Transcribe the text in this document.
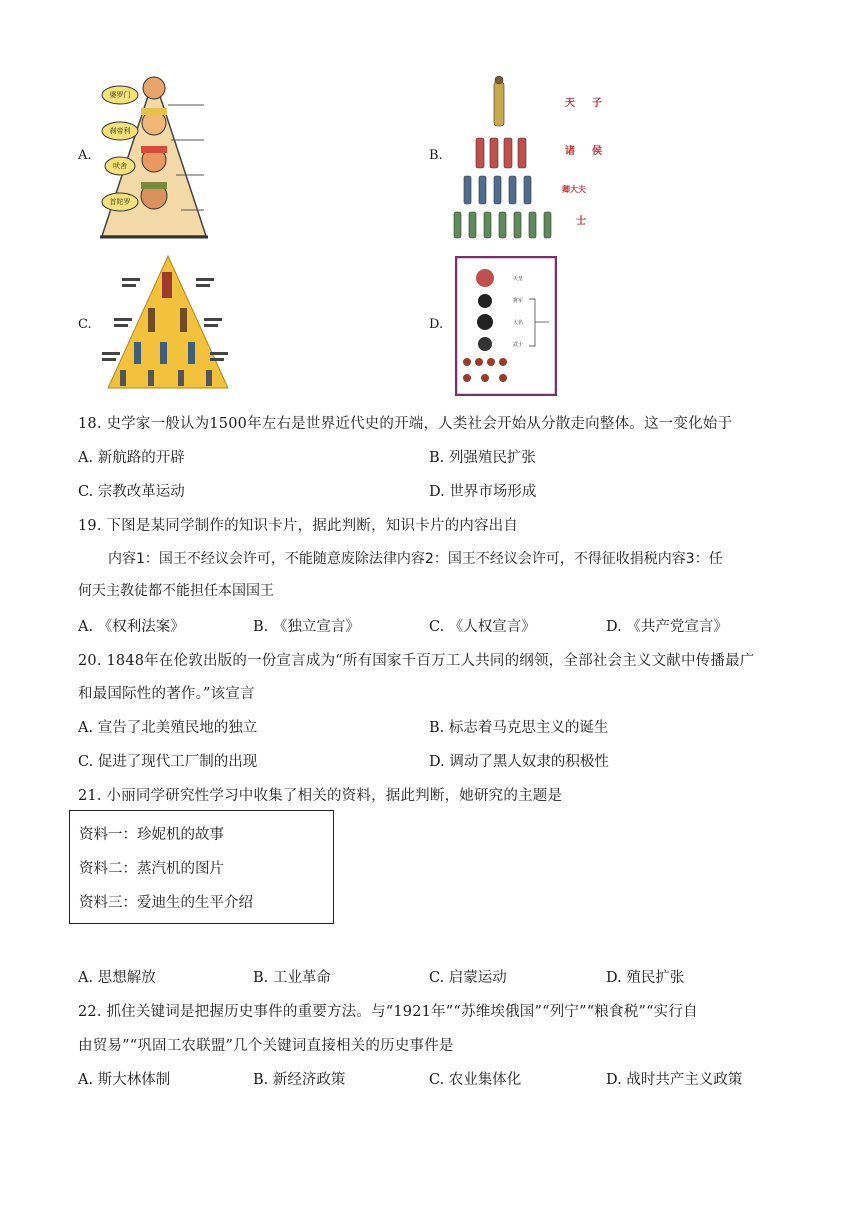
A.	B.
C.	D.
婆罗门
刹帝利
吠舍
首陀罗
天 子
诸 侯
卿大夫
士
天皇
将军
大名
武士
18. 史学家一般认为1500年左右是世界近代史的开端，人类社会开始从分散走向整体。这一变化始于
A. 新航路的开辟	B. 列强殖民扩张
C. 宗教改革运动	D. 世界市场形成
19. 下图是某同学制作的知识卡片，据此判断，知识卡片的内容出自
内容1：国王不经议会许可，不能随意废除法律内容2：国王不经议会许可，不得征收捐税内容3：任
何天主教徒都不能担任本国国王
A. 《权利法案》	B. 《独立宣言》	C. 《人权宣言》	D. 《共产党宣言》
20. 1848年在伦敦出版的一份宣言成为“所有国家千百万工人共同的纲领，全部社会主义文献中传播最广
和最国际性的著作。”该宣言
A. 宣告了北美殖民地的独立	B. 标志着马克思主义的诞生
C. 促进了现代工厂制的出现	D. 调动了黑人奴隶的积极性
21. 小丽同学研究性学习中收集了相关的资料，据此判断，她研究的主题是
资料一：珍妮机的故事
资料二：蒸汽机的图片
资料三：爱迪生的生平介绍
A. 思想解放	B. 工业革命	C. 启蒙运动	D. 殖民扩张
22. 抓住关键词是把握历史事件的重要方法。与“1921年”“苏维埃俄国”“列宁”“粮食税”“实行自
由贸易”“巩固工农联盟”几个关键词直接相关的历史事件是
A. 斯大林体制	B. 新经济政策	C. 农业集体化	D. 战时共产主义政策
